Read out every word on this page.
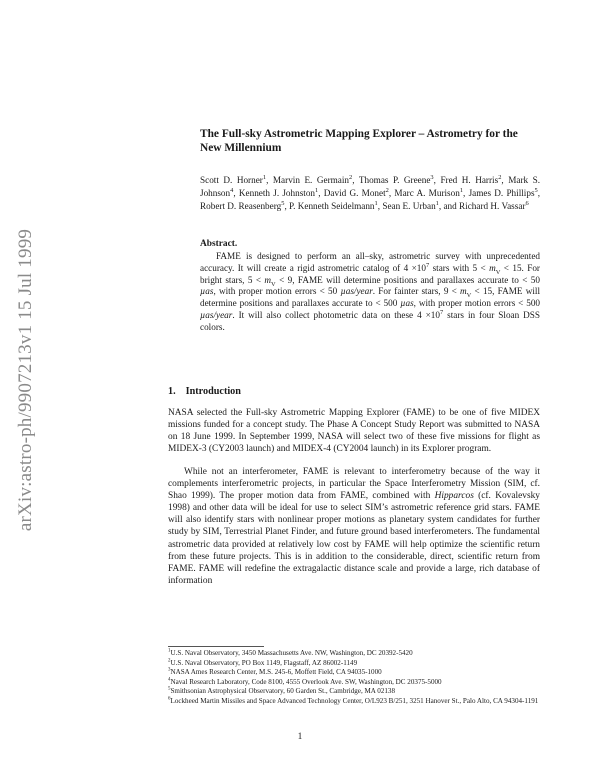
arXiv:astro-ph/9907213v1 15 Jul 1999
The Full-sky Astrometric Mapping Explorer – Astrometry for the New Millennium
Scott D. Horner$^1$, Marvin E. Germain$^2$, Thomas P. Greene$^3$, Fred H. Harris$^2$, Mark S. Johnson$^4$, Kenneth J. Johnston$^1$, David G. Monet$^2$, Marc A. Murison$^1$, James D. Phillips$^5$, Robert D. Reasenberg$^5$, P. Kenneth Seidelmann$^1$, Sean E. Urban$^1$, and Richard H. Vassar$^6$
Abstract.

FAME is designed to perform an all–sky, astrometric survey with unprecedented accuracy. It will create a rigid astrometric catalog of $4 \times 10^7$ stars with $5 < m_V < 15$. For bright stars, $5 < m_V < 9$, FAME will determine positions and parallaxes accurate to < 50 µas, with proper motion errors < 50 µas/year. For fainter stars, $9 < m_V < 15$, FAME will determine positions and parallaxes accurate to < 500 µas, with proper motion errors < 500 µas/year. It will also collect photometric data on these $4 \times 10^7$ stars in four Sloan DSS colors.

1. Introduction

NASA selected the Full-sky Astrometric Mapping Explorer (FAME) to be one of five MIDEX missions funded for a concept study. The Phase A Concept Study Report was submitted to NASA on 18 June 1999. In September 1999, NASA will select two of these five missions for flight as MIDEX-3 (CY2003 launch) and MIDEX-4 (CY2004 launch) in its Explorer program.

While not an interferometer, FAME is relevant to interferometry because of the way it complements interferometric projects, in particular the Space Interferometry Mission (SIM, cf. Shao 1999). The proper motion data from FAME, combined with Hipparcos (cf. Kovalevsky 1998) and other data will be ideal for use to select SIM’s astrometric reference grid stars. FAME will also identify stars with nonlinear proper motions as planetary system candidates for further study by SIM, Terrestrial Planet Finder, and future ground based interferometers. The fundamental astrometric data provided at relatively low cost by FAME will help optimize the scientific return from these future projects. This is in addition to the considerable, direct, scientific return from FAME. FAME will redefine the extragalactic distance scale and provide a large, rich database of information

$^1$U.S. Naval Observatory, 3450 Massachusetts Ave. NW, Washington, DC 20392-5420
$^2$U.S. Naval Observatory, PO Box 1149, Flagstaff, AZ 86002-1149
$^3$NASA Ames Research Center, M.S. 245-6, Moffett Field, CA 94035-1000
$^4$Naval Research Laboratory, Code 8100, 4555 Overlook Ave. SW, Washington, DC 20375-5000
$^5$Smithsonian Astrophysical Observatory, 60 Garden St., Cambridge, MA 02138
$^6$Lockheed Martin Missiles and Space Advanced Technology Center, O/L923 B/251, 3251 Hanover St., Palo Alto, CA 94304-1191
1
